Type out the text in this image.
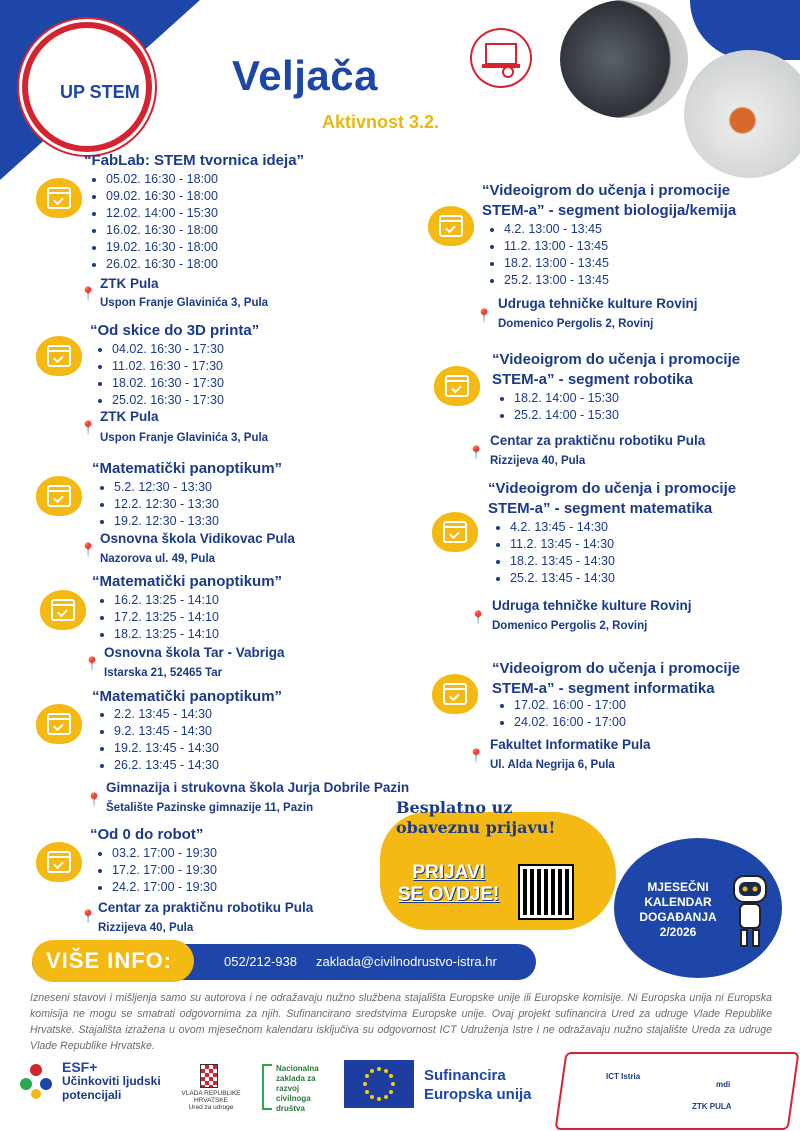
UP STEM Veljača
Aktivnost 3.2.
“FabLab: STEM tvornica ideja”
• 05.02. 16:30 - 18:00
• 09.02. 16:30 - 18:00
• 12.02. 14:00 - 15:30
• 16.02. 16:30 - 18:00
• 19.02. 16:30 - 18:00
• 26.02. 16:30 - 18:00
📍
ZTK Pula
Uspon Franje Glavinića 3, Pula
“Od skice do 3D printa”
• 04.02. 16:30 - 17:30
• 11.02. 16:30 - 17:30
• 18.02. 16:30 - 17:30
• 25.02. 16:30 - 17:30
📍
ZTK Pula
Uspon Franje Glavinića 3, Pula
“Matematički panoptikum”
• 5.2. 12:30 - 13:30
• 12.2. 12:30 - 13:30
• 19.2. 12:30 - 13:30
📍
Osnovna škola Vidikovac Pula
Nazorova ul. 49, Pula
“Matematički panoptikum”
• 16.2. 13:25 - 14:10
• 17.2. 13:25 - 14:10
• 18.2. 13:25 - 14:10
📍
Osnovna škola Tar - Vabriga
Istarska 21, 52465 Tar
“Matematički panoptikum”
• 2.2. 13:45 - 14:30
• 9.2. 13:45 - 14:30
• 19.2. 13:45 - 14:30
• 26.2. 13:45 - 14:30
📍
Gimnazija i strukovna škola Jurja Dobrile Pazin
Šetalište Pazinske gimnazije 11, Pazin
“Od 0 do robot”
• 03.2. 17:00 - 19:30
• 17.2. 17:00 - 19:30
• 24.2. 17:00 - 19:30
📍
Centar za praktičnu robotiku Pula
Rizzijeva 40, Pula
“Videoigrom do učenja i promocije
STEM-a” - segment biologija/kemija
• 4.2. 13:00 - 13:45
• 11.2. 13:00 - 13:45
• 18.2. 13:00 - 13:45
• 25.2. 13:00 - 13:45
📍
Udruga tehničke kulture Rovinj
Domenico Pergolis 2, Rovinj
“Videoigrom do učenja i promocije
STEM-a” - segment robotika
• 18.2. 14:00 - 15:30
• 25.2. 14:00 - 15:30
📍
Centar za praktičnu robotiku Pula
Rizzijeva 40, Pula
“Videoigrom do učenja i promocije
STEM-a” - segment matematika
• 4.2. 13:45 - 14:30
• 11.2. 13:45 - 14:30
• 18.2. 13:45 - 14:30
• 25.2. 13:45 - 14:30
📍
Udruga tehničke kulture Rovinj
Domenico Pergolis 2, Rovinj
“Videoigrom do učenja i promocije
STEM-a” - segment informatika
• 17.02. 16:00 - 17:00
• 24.02. 16:00 - 17:00
📍
Fakultet Informatike Pula
Ul. Alda Negrija 6, Pula
Besplatno uz
obaveznu prijavu!
PRIJAVI
SE OVDJE!	MJESEČNI
KALENDAR
DOGAĐANJA
2/2026
VIŠE INFO:	052/212-938 zaklada@civilnodrustvo-istra.hr
Izneseni stavovi i mišljenja samo su autorova i ne odražavaju nužno službena stajališta Europske unije ili Europske komisije. Ni Europska unija ni Europska komisija ne mogu se smatrati odgovornima za njih. Sufinancirano sredstvima Europske unije. Ovaj projekt sufinancira Ured za udruge Vlade Republike Hrvatske. Stajališta izražena u ovom mjesečnom kalendaru isključiva su odgovornost ICT Udruženja Istre i ne odražavaju nužno stajalište Ureda za udruge Vlade Republike Hrvatske.
ESF+
Učinkoviti ljudski
potencijali	VLADA REPUBLIKE HRVATSKE
Ured za udruge
Nacionalna
zaklada za
razvoj
civilnoga
društva
Sufinancira
Europska unija
ICT Istria
mdi
ZTK PULA
